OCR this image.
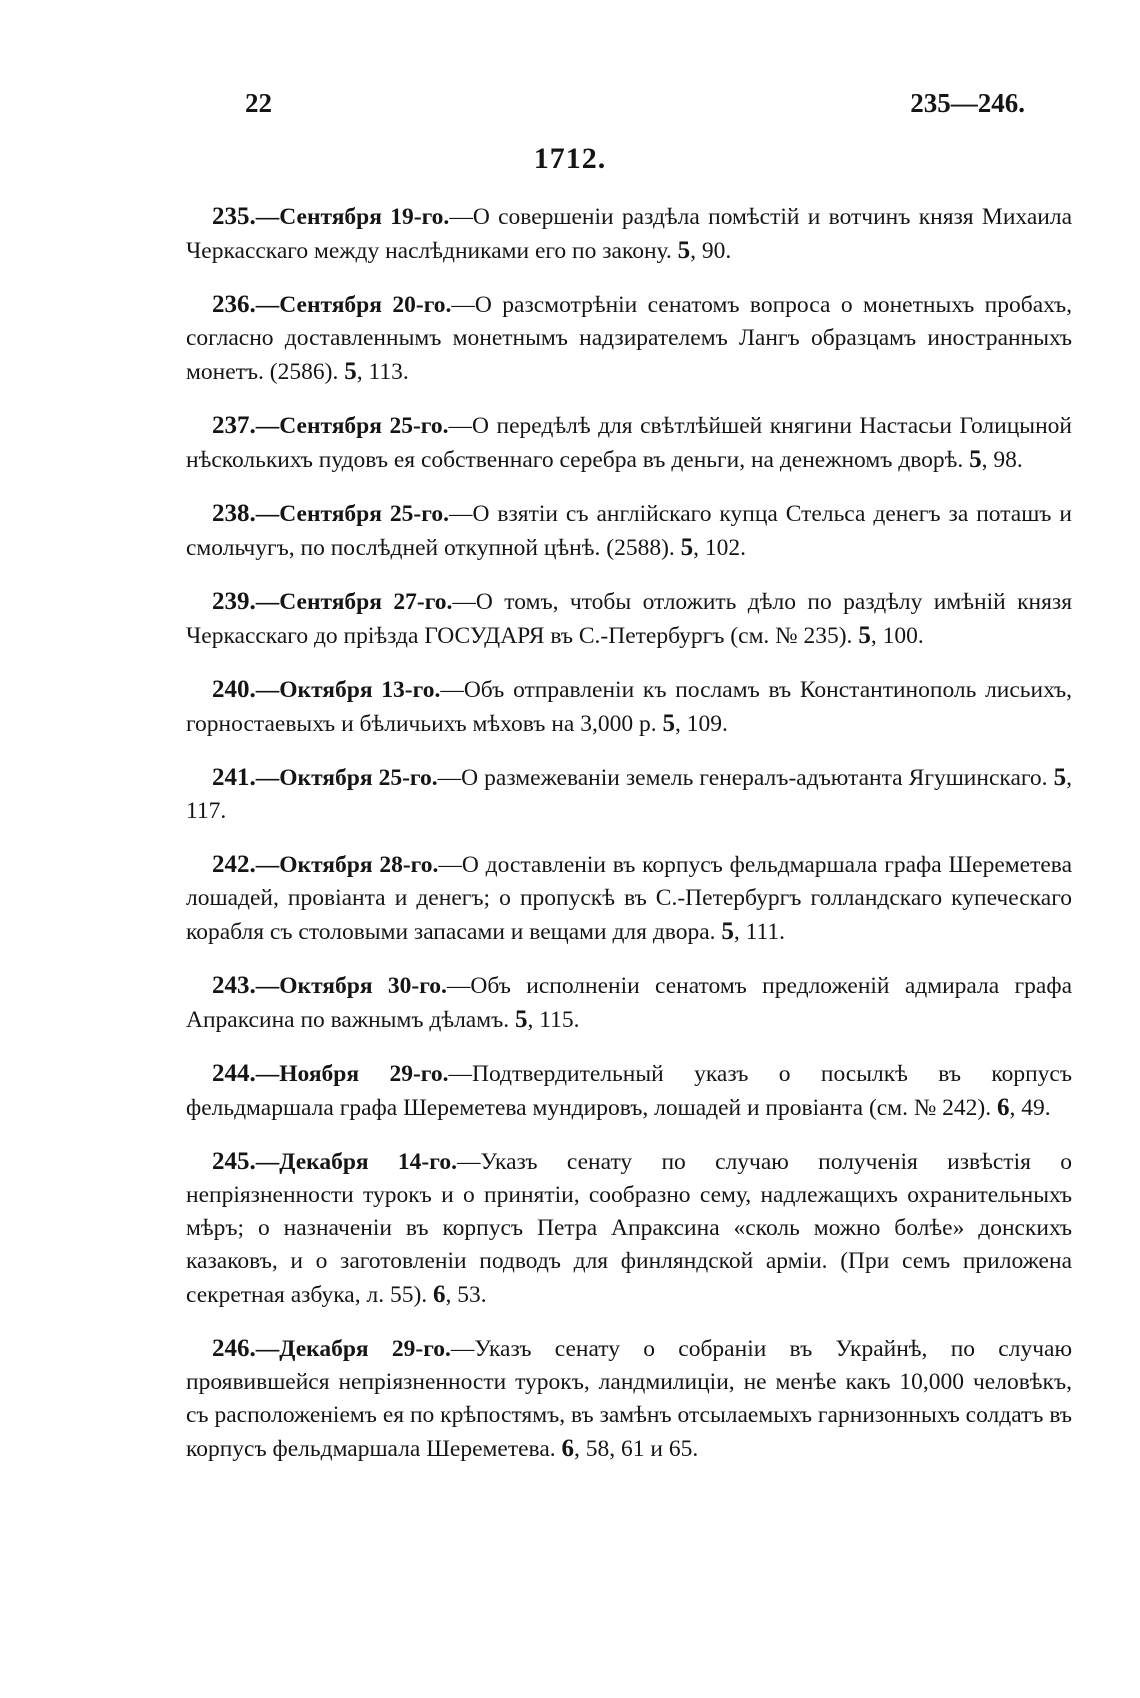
22	235—246.
1712.

235.—Сентября 19-го.—О совершеніи раздѣла помѣстій и вотчинъ князя Михаила Черкасскаго между наслѣдниками его по закону. 5, 90.

236.—Сентября 20-го.—О разсмотрѣніи сенатомъ вопроса о монетныхъ пробахъ, согласно доставленнымъ монетнымъ надзирателемъ Лангъ образцамъ иностранныхъ монетъ. (2586). 5, 113.

237.—Сентября 25-го.—О передѣлѣ для свѣтлѣйшей княгини Настасьи Голицыной нѣсколькихъ пудовъ ея собственнаго серебра въ деньги, на денежномъ дворѣ. 5, 98.

238.—Сентября 25-го.—О взятіи съ англійскаго купца Стельса денегъ за поташъ и смольчугъ, по послѣдней откупной цѣнѣ. (2588). 5, 102.

239.—Сентября 27-го.—О томъ, чтобы отложить дѣло по раздѣлу имѣній князя Черкасскаго до пріѣзда ГОСУДАРЯ въ С.-Петербургъ (см. № 235). 5, 100.

240.—Октября 13-го.—Объ отправленіи къ посламъ въ Константинополь лисьихъ, горностаевыхъ и бѣличьихъ мѣховъ на 3,000 р. 5, 109.

241.—Октября 25-го.—О размежеваніи земель генералъ-адъютанта Ягушинскаго. 5, 117.

242.—Октября 28-го.—О доставленіи въ корпусъ фельдмаршала графа Шереметева лошадей, провіанта и денегъ; о пропускѣ въ С.-Петербургъ голландскаго купеческаго корабля съ столовыми запасами и вещами для двора. 5, 111.

243.—Октября 30-го.—Объ исполненіи сенатомъ предложеній адмирала графа Апраксина по важнымъ дѣламъ. 5, 115.

244.—Ноября 29-го.—Подтвердительный указъ о посылкѣ въ корпусъ фельдмаршала графа Шереметева мундировъ, лошадей и провіанта (см. № 242). 6, 49.

245.—Декабря 14-го.—Указъ сенату по случаю полученія извѣстія о непріязненности турокъ и о принятіи, сообразно сему, надлежащихъ охранительныхъ мѣръ; о назначеніи въ корпусъ Петра Апраксина «сколь можно болѣе» донскихъ казаковъ, и о заготовленіи подводъ для финляндской арміи. (При семъ приложена секретная азбука, л. 55). 6, 53.

246.—Декабря 29-го.—Указъ сенату о собраніи въ Украйнѣ, по случаю проявившейся непріязненности турокъ, ландмилиціи, не менѣе какъ 10,000 человѣкъ, съ расположеніемъ ея по крѣпостямъ, въ замѣнъ отсылаемыхъ гарнизонныхъ солдатъ въ корпусъ фельдмаршала Шереметева. 6, 58, 61 и 65.
